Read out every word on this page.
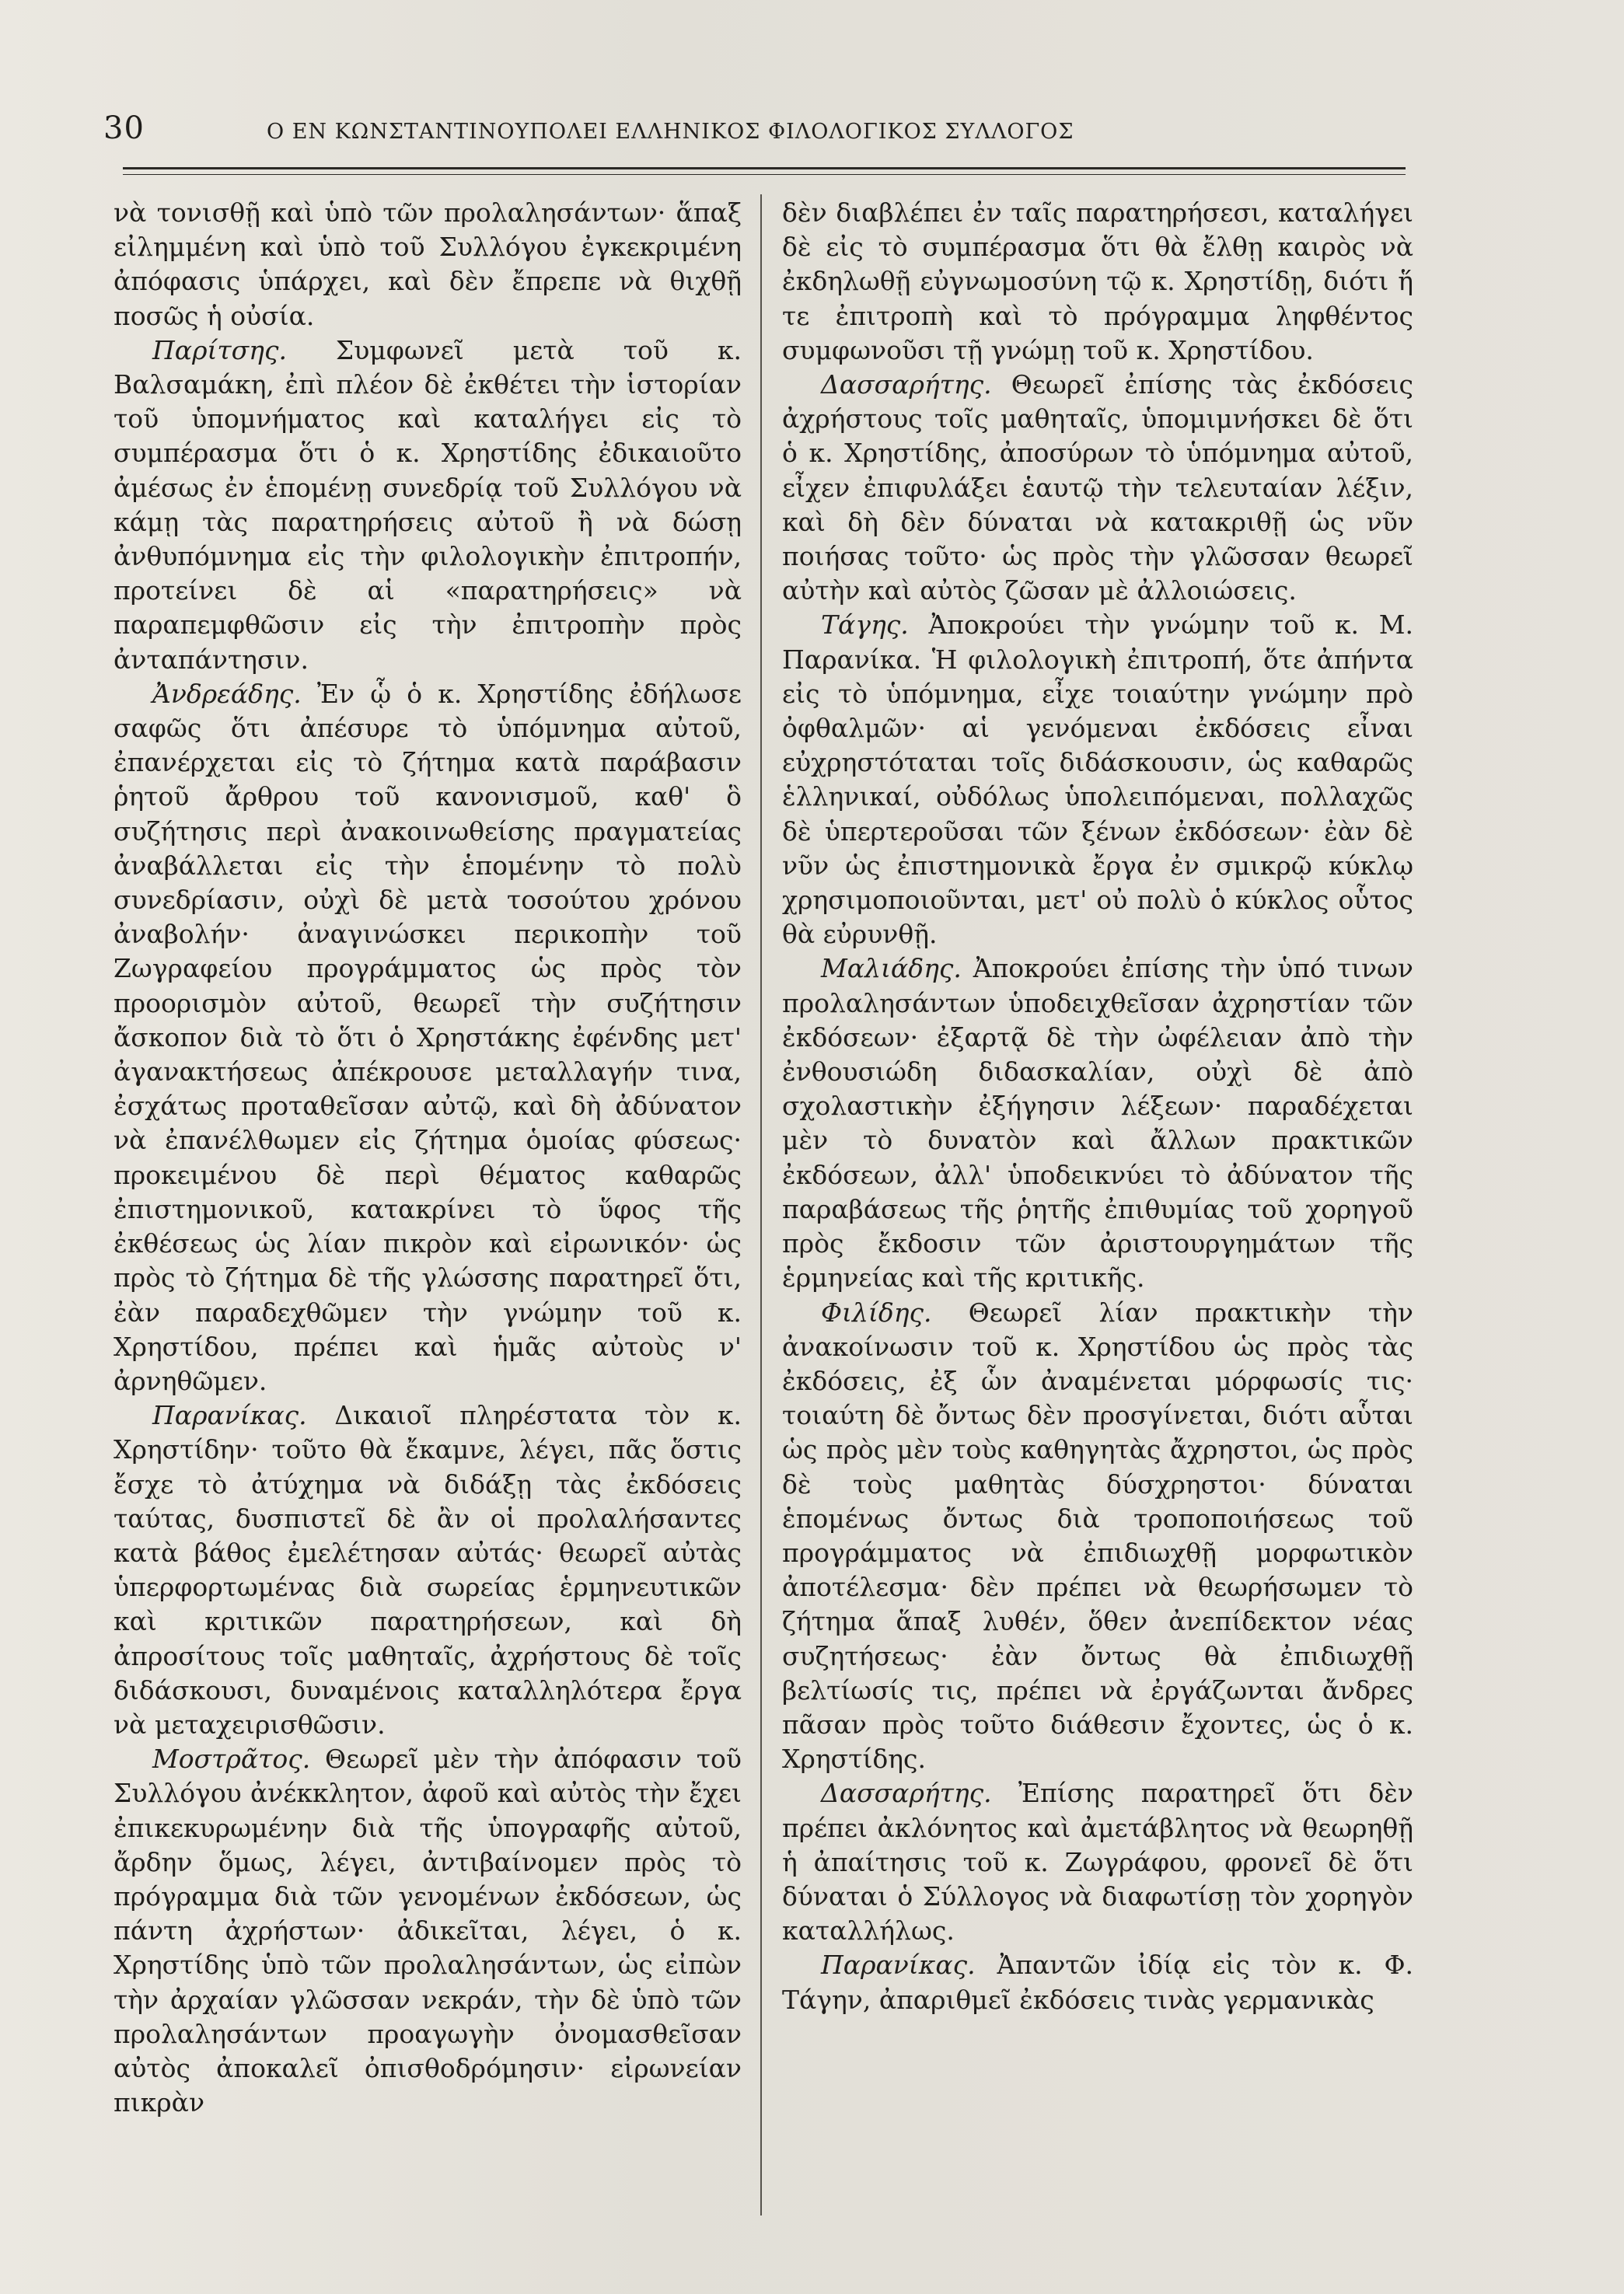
30	Ο ΕΝ ΚΩΝΣΤΑΝΤΙΝΟΥΠΟΛΕΙ ΕΛΛΗΝΙΚΟΣ ΦΙΛΟΛΟΓΙΚΟΣ ΣΥΛΛΟΓΟΣ

νὰ τονισθῇ καὶ ὑπὸ τῶν προλαλησάντων· ἅπαξ εἰλημμένη καὶ ὑπὸ τοῦ Συλλόγου ἐγκεκριμένη ἀπόφασις ὑπάρχει, καὶ δὲν ἔπρεπε νὰ θιχθῇ ποσῶς ἡ οὐσία.

Παρίτσης. Συμφωνεῖ μετὰ τοῦ κ. Βαλσαμάκη, ἐπὶ πλέον δὲ ἐκθέτει τὴν ἱστορίαν τοῦ ὑπομνήματος καὶ καταλήγει εἰς τὸ συμπέρασμα ὅτι ὁ κ. Χρηστίδης ἐδικαιοῦτο ἀμέσως ἐν ἑπομένῃ συνεδρίᾳ τοῦ Συλλόγου νὰ κάμῃ τὰς παρατηρήσεις αὐτοῦ ἢ νὰ δώσῃ ἀνθυπόμνημα εἰς τὴν φιλολογικὴν ἐπιτροπήν, προτείνει δὲ αἱ «παρατηρήσεις» νὰ παραπεμφθῶσιν εἰς τὴν ἐπιτροπὴν πρὸς ἀνταπάντησιν.

Ἀνδρεάδης. Ἐν ᾧ ὁ κ. Χρηστίδης ἐδήλωσε σαφῶς ὅτι ἀπέσυρε τὸ ὑπόμνημα αὐτοῦ, ἐπανέρχεται εἰς τὸ ζήτημα κατὰ παράβασιν ῥητοῦ ἄρθρου τοῦ κανονισμοῦ, καθ' ὃ συζήτησις περὶ ἀνακοινωθείσης πραγματείας ἀναβάλλεται εἰς τὴν ἑπομένην τὸ πολὺ συνεδρίασιν, οὐχὶ δὲ μετὰ τοσούτου χρόνου ἀναβολήν· ἀναγινώσκει περικοπὴν τοῦ Ζωγραφείου προγράμματος ὡς πρὸς τὸν προορισμὸν αὐτοῦ, θεωρεῖ τὴν συζήτησιν ἄσκοπον διὰ τὸ ὅτι ὁ Χρηστάκης ἐφένδης μετ' ἀγανακτήσεως ἀπέκρουσε μεταλλαγήν τινα, ἐσχάτως προταθεῖσαν αὐτῷ, καὶ δὴ ἀδύνατον νὰ ἐπανέλθωμεν εἰς ζήτημα ὁμοίας φύσεως· προκειμένου δὲ περὶ θέματος καθαρῶς ἐπιστημονικοῦ, κατακρίνει τὸ ὕφος τῆς ἐκθέσεως ὡς λίαν πικρὸν καὶ εἰρωνικόν· ὡς πρὸς τὸ ζήτημα δὲ τῆς γλώσσης παρατηρεῖ ὅτι, ἐὰν παραδεχθῶμεν τὴν γνώμην τοῦ κ. Χρηστίδου, πρέπει καὶ ἡμᾶς αὐτοὺς ν' ἀρνηθῶμεν.

Παρανίκας. Δικαιοῖ πληρέστατα τὸν κ. Χρηστίδην· τοῦτο θὰ ἔκαμνε, λέγει, πᾶς ὅστις ἔσχε τὸ ἀτύχημα νὰ διδάξῃ τὰς ἐκδόσεις ταύτας, δυσπιστεῖ δὲ ἂν οἱ προλαλήσαντες κατὰ βάθος ἐμελέτησαν αὐτάς· θεωρεῖ αὐτὰς ὑπερφορτωμένας διὰ σωρείας ἑρμηνευτικῶν καὶ κριτικῶν παρατηρήσεων, καὶ δὴ ἀπροσίτους τοῖς μαθηταῖς, ἀχρήστους δὲ τοῖς διδάσκουσι, δυναμένοις καταλληλότερα ἔργα νὰ μεταχειρισθῶσιν.

Μοστρᾶτος. Θεωρεῖ μὲν τὴν ἀπόφασιν τοῦ Συλλόγου ἀνέκκλητον, ἀφοῦ καὶ αὐτὸς τὴν ἔχει ἐπικεκυρωμένην διὰ τῆς ὑπογραφῆς αὐτοῦ, ἄρδην ὅμως, λέγει, ἀντιβαίνομεν πρὸς τὸ πρόγραμμα διὰ τῶν γενομένων ἐκδόσεων, ὡς πάντη ἀχρήστων· ἀδικεῖται, λέγει, ὁ κ. Χρηστίδης ὑπὸ τῶν προλαλησάντων, ὡς εἰπὼν τὴν ἀρχαίαν γλῶσσαν νεκράν, τὴν δὲ ὑπὸ τῶν προλαλησάντων προαγωγὴν ὀνομασθεῖσαν αὐτὸς ἀποκαλεῖ ὀπισθοδρόμησιν· εἰρωνείαν πικρὰν

δὲν διαβλέπει ἐν ταῖς παρατηρήσεσι, καταλήγει δὲ εἰς τὸ συμπέρασμα ὅτι θὰ ἔλθῃ καιρὸς νὰ ἐκδηλωθῇ εὐγνωμοσύνη τῷ κ. Χρηστίδῃ, διότι ἥ τε ἐπιτροπὴ καὶ τὸ πρόγραμμα ληφθέντος συμφωνοῦσι τῇ γνώμῃ τοῦ κ. Χρηστίδου.

Δασσαρήτης. Θεωρεῖ ἐπίσης τὰς ἐκδόσεις ἀχρήστους τοῖς μαθηταῖς, ὑπομιμνήσκει δὲ ὅτι ὁ κ. Χρηστίδης, ἀποσύρων τὸ ὑπόμνημα αὐτοῦ, εἶχεν ἐπιφυλάξει ἑαυτῷ τὴν τελευταίαν λέξιν, καὶ δὴ δὲν δύναται νὰ κατακριθῇ ὡς νῦν ποιήσας τοῦτο· ὡς πρὸς τὴν γλῶσσαν θεωρεῖ αὐτὴν καὶ αὐτὸς ζῶσαν μὲ ἀλλοιώσεις.

Τάγης. Ἀποκρούει τὴν γνώμην τοῦ κ. Μ. Παρανίκα. Ἡ φιλολογικὴ ἐπιτροπή, ὅτε ἀπήντα εἰς τὸ ὑπόμνημα, εἶχε τοιαύτην γνώμην πρὸ ὀφθαλμῶν· αἱ γενόμεναι ἐκδόσεις εἶναι εὐχρηστόταται τοῖς διδάσκουσιν, ὡς καθαρῶς ἑλληνικαί, οὐδόλως ὑπολειπόμεναι, πολλαχῶς δὲ ὑπερτεροῦσαι τῶν ξένων ἐκδόσεων· ἐὰν δὲ νῦν ὡς ἐπιστημονικὰ ἔργα ἐν σμικρῷ κύκλῳ χρησιμοποιοῦνται, μετ' οὐ πολὺ ὁ κύκλος οὗτος θὰ εὐρυνθῇ.

Μαλιάδης. Ἀποκρούει ἐπίσης τὴν ὑπό τινων προλαλησάντων ὑποδειχθεῖσαν ἀχρηστίαν τῶν ἐκδόσεων· ἐξαρτᾷ δὲ τὴν ὠφέλειαν ἀπὸ τὴν ἐνθουσιώδη διδασκαλίαν, οὐχὶ δὲ ἀπὸ σχολαστικὴν ἐξήγησιν λέξεων· παραδέχεται μὲν τὸ δυνατὸν καὶ ἄλλων πρακτικῶν ἐκδόσεων, ἀλλ' ὑποδεικνύει τὸ ἀδύνατον τῆς παραβάσεως τῆς ῥητῆς ἐπιθυμίας τοῦ χορηγοῦ πρὸς ἔκδοσιν τῶν ἀριστουργημάτων τῆς ἑρμηνείας καὶ τῆς κριτικῆς.

Φιλίδης. Θεωρεῖ λίαν πρακτικὴν τὴν ἀνακοίνωσιν τοῦ κ. Χρηστίδου ὡς πρὸς τὰς ἐκδόσεις, ἐξ ὧν ἀναμένεται μόρφωσίς τις· τοιαύτη δὲ ὄντως δὲν προσγίνεται, διότι αὗται ὡς πρὸς μὲν τοὺς καθηγητὰς ἄχρηστοι, ὡς πρὸς δὲ τοὺς μαθητὰς δύσχρηστοι· δύναται ἑπομένως ὄντως διὰ τροποποιήσεως τοῦ προγράμματος νὰ ἐπιδιωχθῇ μορφωτικὸν ἀποτέλεσμα· δὲν πρέπει νὰ θεωρήσωμεν τὸ ζήτημα ἅπαξ λυθέν, ὅθεν ἀνεπίδεκτον νέας συζητήσεως· ἐὰν ὄντως θὰ ἐπιδιωχθῇ βελτίωσίς τις, πρέπει νὰ ἐργάζωνται ἄνδρες πᾶσαν πρὸς τοῦτο διάθεσιν ἔχοντες, ὡς ὁ κ. Χρηστίδης.

Δασσαρήτης. Ἐπίσης παρατηρεῖ ὅτι δὲν πρέπει ἀκλόνητος καὶ ἀμετάβλητος νὰ θεωρηθῇ ἡ ἀπαίτησις τοῦ κ. Ζωγράφου, φρονεῖ δὲ ὅτι δύναται ὁ Σύλλογος νὰ διαφωτίσῃ τὸν χορηγὸν καταλλήλως.

Παρανίκας. Ἀπαντῶν ἰδίᾳ εἰς τὸν κ. Φ. Τάγην, ἀπαριθμεῖ ἐκδόσεις τινὰς γερμανικὰς
